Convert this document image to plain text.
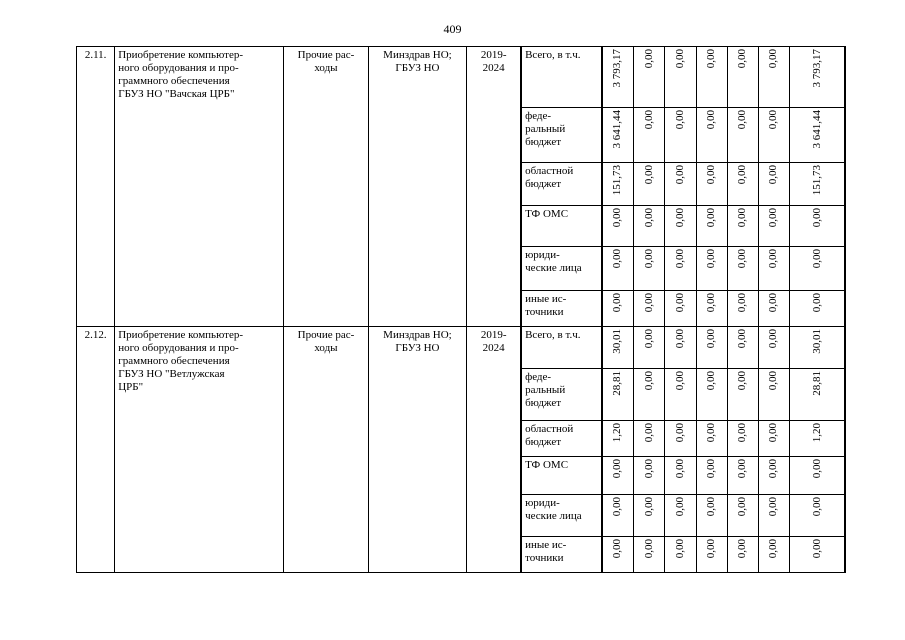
409
2.11.	Приобретение компьютер-
ного оборудования и про-
граммного обеспечения
ГБУЗ НО "Вачская ЦРБ"	Прочие рас-
ходы	Минздрав НО;
ГБУЗ НО	2019-
2024	Всего, в т.ч.	3 793,17	0,00	0,00	0,00	0,00	0,00	3 793,17
					феде-
ральный
бюджет	3 641,44	0,00	0,00	0,00	0,00	0,00	3 641,44
					областной
бюджет	151,73	0,00	0,00	0,00	0,00	0,00	151,73
					ТФ ОМС	0,00	0,00	0,00	0,00	0,00	0,00	0,00
					юриди-
ческие лица	0,00	0,00	0,00	0,00	0,00	0,00	0,00
					иные ис-
точники	0,00	0,00	0,00	0,00	0,00	0,00	0,00
2.12.	Приобретение компьютер-
ного оборудования и про-
граммного обеспечения
ГБУЗ НО "Ветлужская
ЦРБ"	Прочие рас-
ходы	Минздрав НО;
ГБУЗ НО	2019-
2024	Всего, в т.ч.	30,01	0,00	0,00	0,00	0,00	0,00	30,01
					феде-
ральный
бюджет	28,81	0,00	0,00	0,00	0,00	0,00	28,81
					областной
бюджет	1,20	0,00	0,00	0,00	0,00	0,00	1,20
					ТФ ОМС	0,00	0,00	0,00	0,00	0,00	0,00	0,00
					юриди-
ческие лица	0,00	0,00	0,00	0,00	0,00	0,00	0,00
					иные ис-
точники	0,00	0,00	0,00	0,00	0,00	0,00	0,00
